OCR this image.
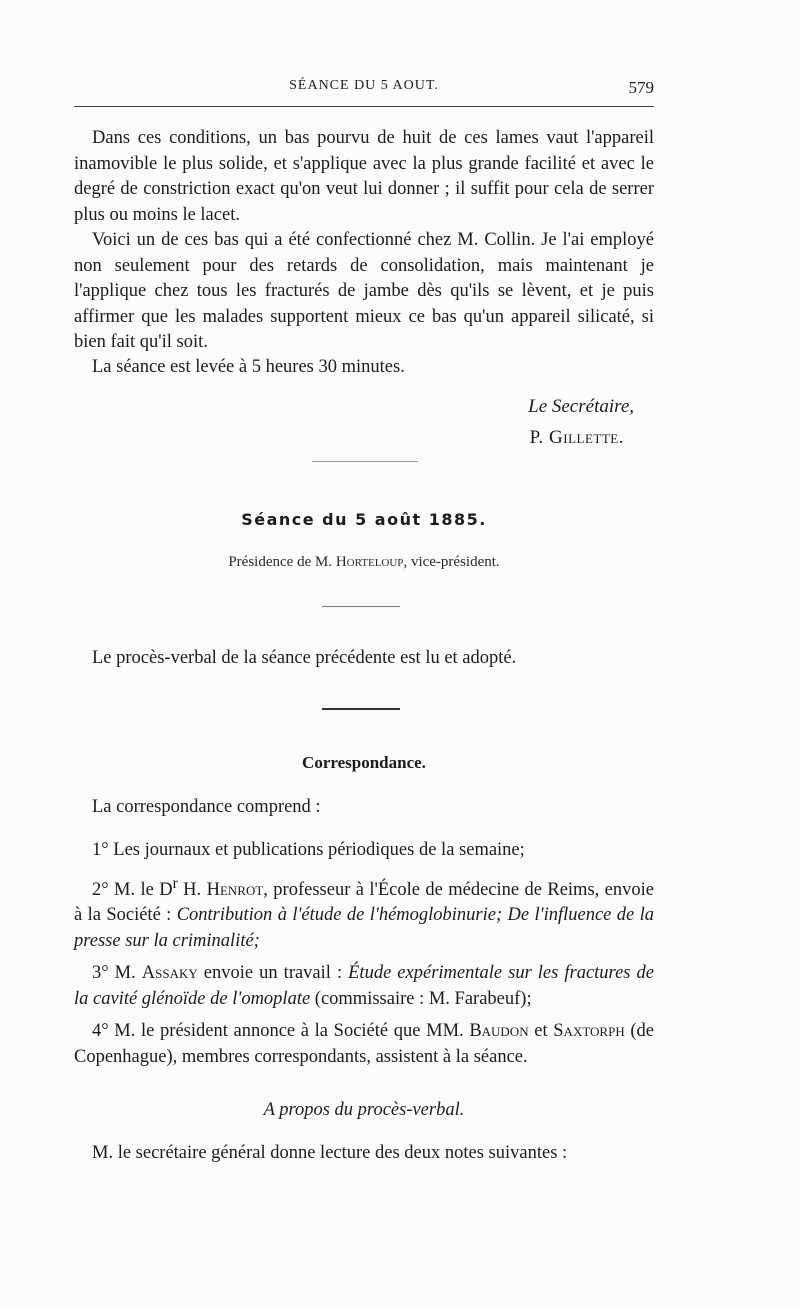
SÉANCE DU 5 AOUT.	579

Dans ces conditions, un bas pourvu de huit de ces lames vaut l'appareil inamovible le plus solide, et s'applique avec la plus grande facilité et avec le degré de constriction exact qu'on veut lui donner ; il suffit pour cela de serrer plus ou moins le lacet.

Voici un de ces bas qui a été confectionné chez M. Collin. Je l'ai employé non seulement pour des retards de consolidation, mais maintenant je l'applique chez tous les fracturés de jambe dès qu'ils se lèvent, et je puis affirmer que les malades supportent mieux ce bas qu'un appareil silicaté, si bien fait qu'il soit.

La séance est levée à 5 heures 30 minutes.
Le Secrétaire,
P. Gillette.
Séance du 5 août 1885.
Présidence de M. Horteloup, vice-président.
Le procès-verbal de la séance précédente est lu et adopté.
Correspondance.
La correspondance comprend :

1° Les journaux et publications périodiques de la semaine;

2° M. le $D^r$ H. Henrot, professeur à l'École de médecine de Reims, envoie à la Société : Contribution à l'étude de l'hémoglobinurie; De l'influence de la presse sur la criminalité;

3° M. Assaky envoie un travail : Étude expérimentale sur les fractures de la cavité glénoïde de l'omoplate (commissaire : M. Farabeuf);

4° M. le président annonce à la Société que MM. Baudon et Saxtorph (de Copenhague), membres correspondants, assistent à la séance.

A propos du procès-verbal.

M. le secrétaire général donne lecture des deux notes suivantes :
